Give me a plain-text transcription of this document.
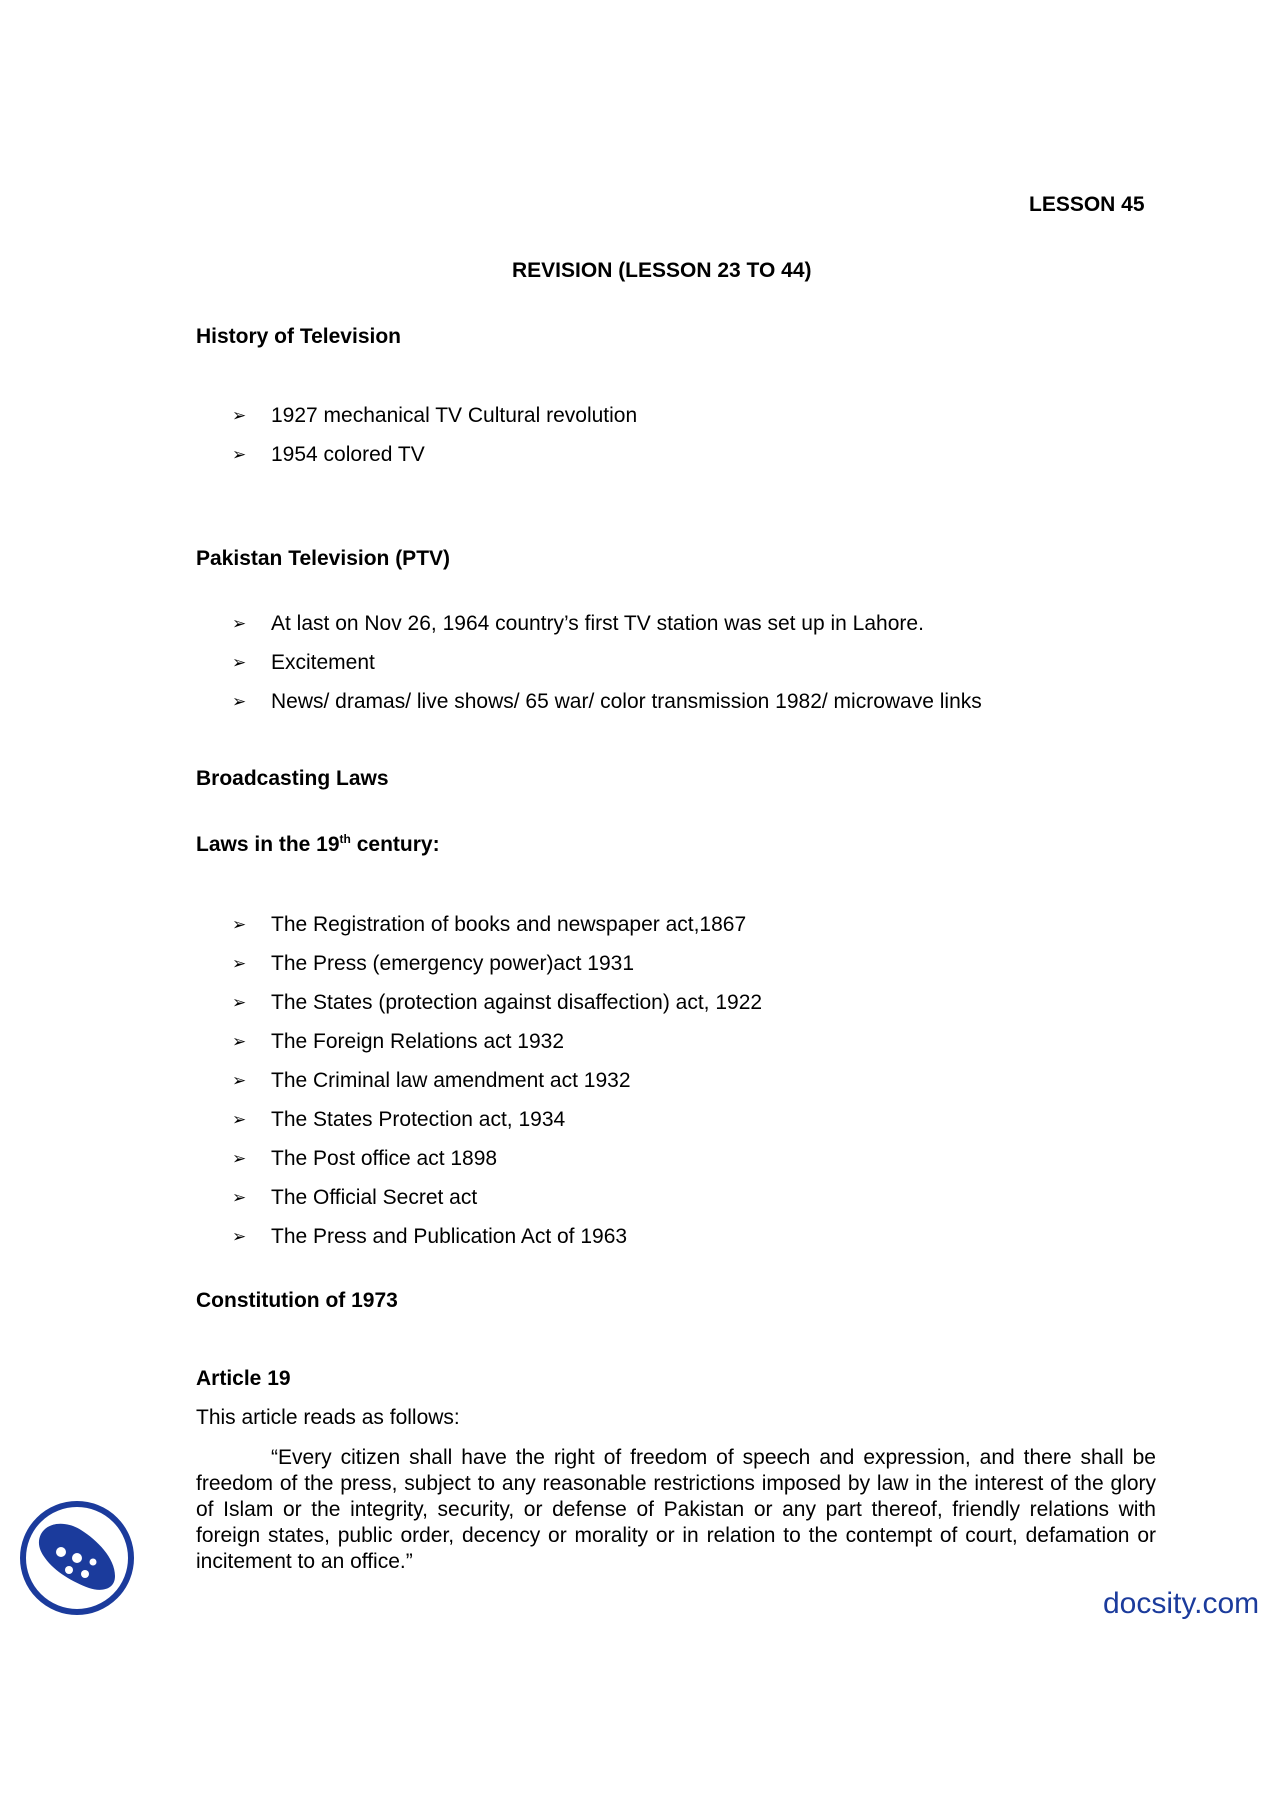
LESSON 45
REVISION (LESSON 23 TO 44)
History of Television
➢ 1927 mechanical TV Cultural revolution
➢ 1954 colored TV
Pakistan Television (PTV)
➢ At last on Nov 26, 1964 country’s first TV station was set up in Lahore.
➢ Excitement
➢ News/ dramas/ live shows/ 65 war/ color transmission 1982/ microwave links
Broadcasting Laws
Laws in the 19th century:
➢ The Registration of books and newspaper act,1867
➢ The Press (emergency power)act 1931
➢ The States (protection against disaffection) act, 1922
➢ The Foreign Relations act 1932
➢ The Criminal law amendment act 1932
➢ The States Protection act, 1934
➢ The Post office act 1898
➢ The Official Secret act
➢ The Press and Publication Act of 1963
Constitution of 1973
Article 19
This article reads as follows:

“Every citizen shall have the right of freedom of speech and expression, and there shall be freedom of the press, subject to any reasonable restrictions imposed by law in the interest of the glory of Islam or the integrity, security, or defense of Pakistan or any part thereof, friendly relations with foreign states, public order, decency or morality or in relation to the contempt of court, defamation or incitement to an office.”

docsity.com
